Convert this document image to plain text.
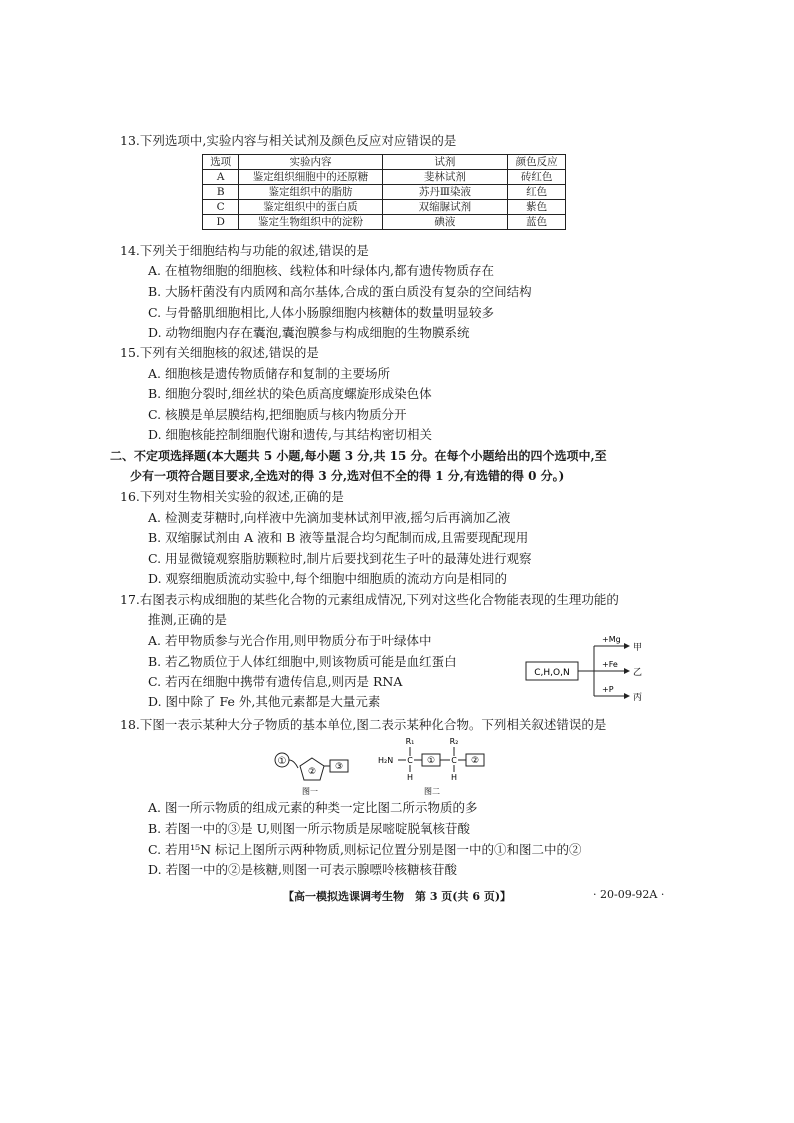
13.下列选项中,实验内容与相关试剂及颜色反应对应错误的是
选项	实验内容	试剂	颜色反应
A	鉴定组织细胞中的还原糖	斐林试剂	砖红色
B	鉴定组织中的脂肪	苏丹Ⅲ染液	红色
C	鉴定组织中的蛋白质	双缩脲试剂	紫色
D	鉴定生物组织中的淀粉	碘液	蓝色
14.下列关于细胞结构与功能的叙述,错误的是
A. 在植物细胞的细胞核、线粒体和叶绿体内,都有遗传物质存在
B. 大肠杆菌没有内质网和高尔基体,合成的蛋白质没有复杂的空间结构
C. 与骨骼肌细胞相比,人体小肠腺细胞内核糖体的数量明显较多
D. 动物细胞内存在囊泡,囊泡膜参与构成细胞的生物膜系统
15.下列有关细胞核的叙述,错误的是
A. 细胞核是遗传物质储存和复制的主要场所
B. 细胞分裂时,细丝状的染色质高度螺旋形成染色体
C. 核膜是单层膜结构,把细胞质与核内物质分开
D. 细胞核能控制细胞代谢和遗传,与其结构密切相关
二、不定项选择题(本大题共 5 小题,每小题 3 分,共 15 分。在每个小题给出的四个选项中,至
少有一项符合题目要求,全选对的得 3 分,选对但不全的得 1 分,有选错的得 0 分。)
16.下列对生物相关实验的叙述,正确的是
A. 检测麦芽糖时,向样液中先滴加斐林试剂甲液,摇匀后再滴加乙液
B. 双缩脲试剂由 A 液和 B 液等量混合均匀配制而成,且需要现配现用
C. 用显微镜观察脂肪颗粒时,制片后要找到花生子叶的最薄处进行观察
D. 观察细胞质流动实验中,每个细胞中细胞质的流动方向是相同的
17.右图表示构成细胞的某些化合物的元素组成情况,下列对这些化合物能表现的生理功能的
推测,正确的是
A. 若甲物质参与光合作用,则甲物质分布于叶绿体中
B. 若乙物质位于人体红细胞中,则该物质可能是血红蛋白
C. 若丙在细胞中携带有遗传信息,则丙是 RNA
D. 图中除了 Fe 外,其他元素都是大量元素
C,H,O,N
+Mg
+Fe
+P
甲
乙
丙
18.下图一表示某种大分子物质的基本单位,图二表示某种化合物。下列相关叙述错误的是
①
② ③
图一
R₁	R₂
H₂N C ① C ②
H	H
图二
A. 图一所示物质的组成元素的种类一定比图二所示物质的多
B. 若图一中的③是 U,则图一所示物质是尿嘧啶脱氧核苷酸
C. 若用¹⁵N 标记上图所示两种物质,则标记位置分别是图一中的①和图二中的②
D. 若图一中的②是核糖,则图一可表示腺嘌呤核糖核苷酸
【高一模拟选课调考生物　第 3 页(共 6 页)】	· 20-09-92A ·
